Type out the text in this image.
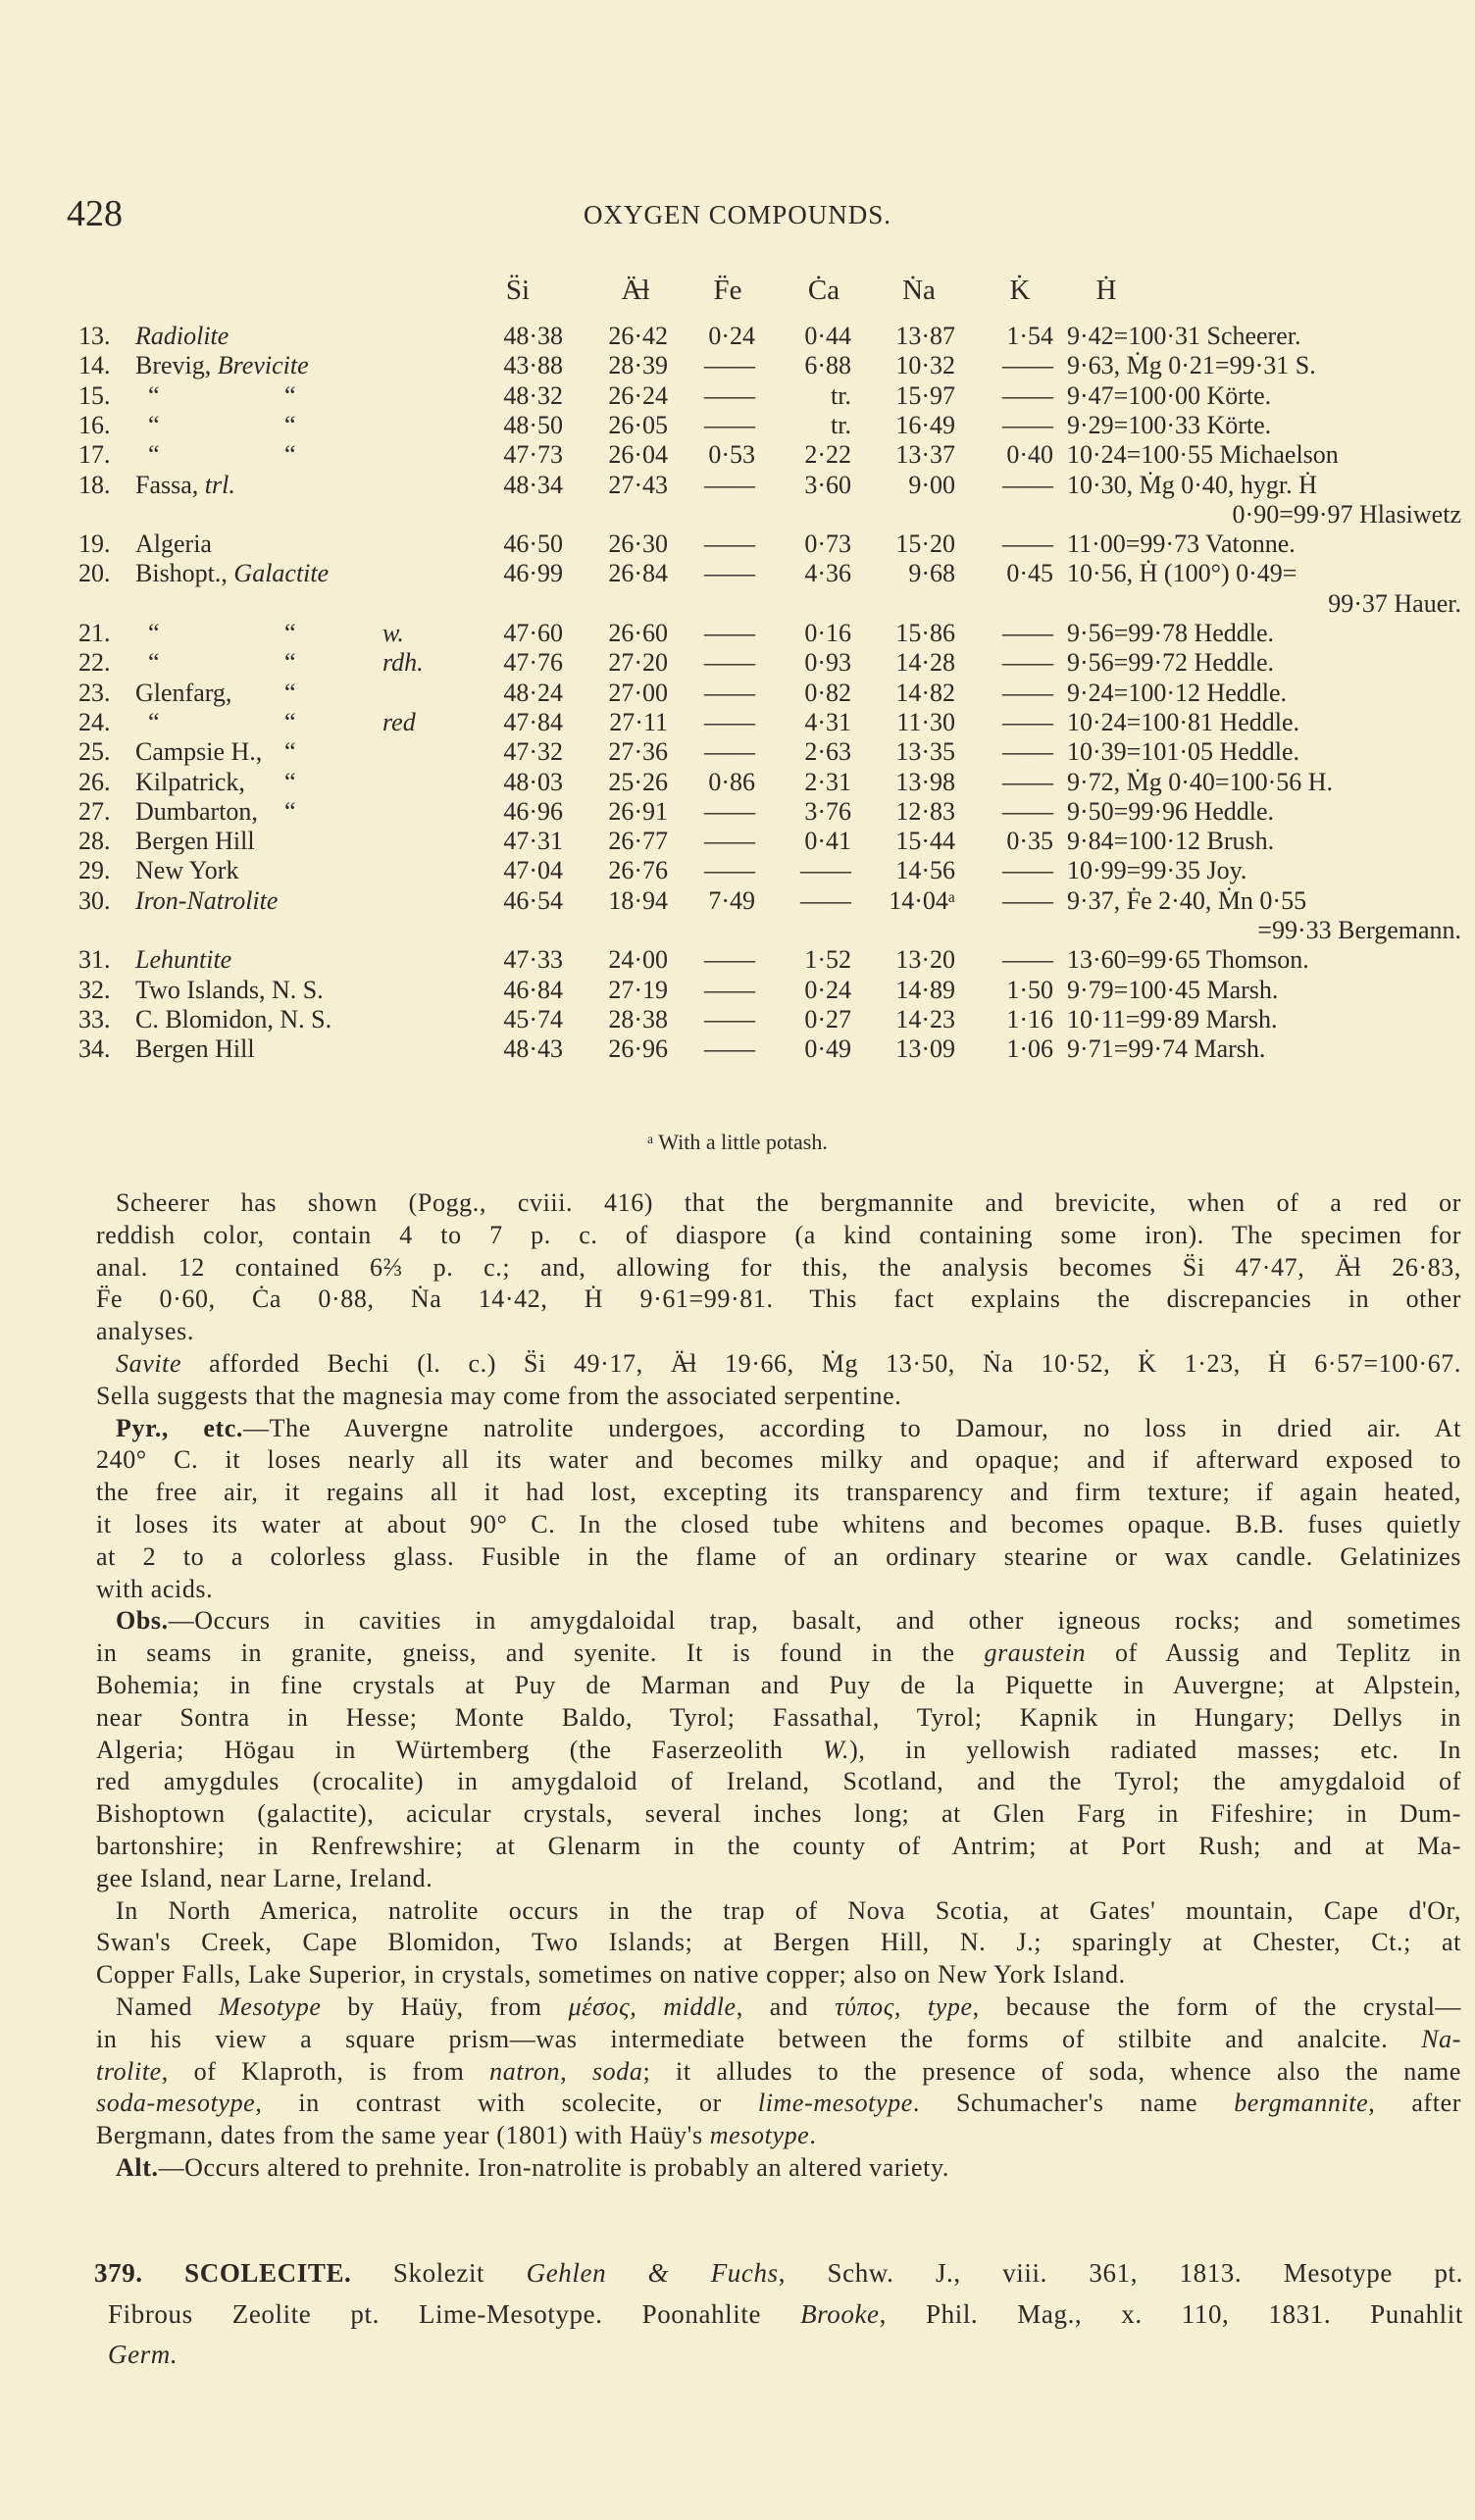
428	OXYGEN COMPOUNDS.
S̈i	Ä̶l F̈e Ċa Ṅa	K̇ Ḣ
13. Radiolite	48·38 26·42 0·24 0·44 13·87 1·54 9·42=100·31 Scheerer.
14. Brevig, Brevicite	43·88 28·39 —— 6·88 10·32 —— 9·63, Ṁg 0·21=99·31 S.
15. “	“	48·32 26·24 ——	tr. 15·97 —— 9·47=100·00 Körte.
16. “	“	48·50 26·05 ——	tr. 16·49 —— 9·29=100·33 Körte.
17. “	“	47·73 26·04 0·53 2·22 13·37 0·40 10·24=100·55 Michaelson
18. Fassa, trl.	48·34 27·43 —— 3·60 9·00 —— 10·30, Ṁg 0·40, hygr. Ḣ
0·90=99·97 Hlasiwetz
19. Algeria	46·50 26·30 —— 0·73 15·20 —— 11·00=99·73 Vatonne.
20. Bishopt., Galactite	46·99 26·84 —— 4·36 9·68 0·45 10·56, Ḣ (100°) 0·49=
99·37 Hauer.
21. “	“	w.	47·60 26·60 —— 0·16 15·86 —— 9·56=99·78 Heddle.
22. “	“	rdh.	47·76 27·20 —— 0·93 14·28 —— 9·56=99·72 Heddle.
23. Glenfarg, “	48·24 27·00 —— 0·82 14·82 —— 9·24=100·12 Heddle.
24. “	“	red	47·84 27·11 —— 4·31 11·30 —— 10·24=100·81 Heddle.
25. Campsie H., “	47·32 27·36 —— 2·63 13·35 —— 10·39=101·05 Heddle.
26. Kilpatrick, “	48·03 25·26 0·86 2·31 13·98 —— 9·72, Ṁg 0·40=100·56 H.
27. Dumbarton, “	46·96 26·91 —— 3·76 12·83 —— 9·50=99·96 Heddle.
28. Bergen Hill	47·31 26·77 —— 0·41 15·44 0·35 9·84=100·12 Brush.
29. New York	47·04 26·76 —— —— 14·56 —— 10·99=99·35 Joy.
30. Iron-Natrolite	46·54 18·94 7·49 —— 14·04ᵃ —— 9·37, Ḟe 2·40, Ṁn 0·55
=99·33 Bergemann.
31. Lehuntite	47·33 24·00 —— 1·52 13·20 —— 13·60=99·65 Thomson.
32. Two Islands, N. S.	46·84 27·19 —— 0·24 14·89 1·50 9·79=100·45 Marsh.
33. C. Blomidon, N. S.	45·74 28·38 —— 0·27 14·23 1·16 10·11=99·89 Marsh.
34. Bergen Hill	48·43 26·96 —— 0·49 13·09 1·06 9·71=99·74 Marsh.
ᵃ With a little potash.
Scheerer has shown (Pogg., cviii. 416) that the bergmannite and brevicite, when of a red or
reddish color, contain 4 to 7 p. c. of diaspore (a kind containing some iron). The specimen for
anal. 12 contained 6⅔ p. c.; and, allowing for this, the analysis becomes S̈i 47·47, Ä̶l 26·83,
F̈e 0·60, Ċa 0·88, Ṅa 14·42, Ḣ 9·61=99·81. This fact explains the discrepancies in other
analyses.
Savite afforded Bechi (l. c.) S̈i 49·17, Ä̶l 19·66, Ṁg 13·50, Ṅa 10·52, K̇ 1·23, Ḣ 6·57=100·67.
Sella suggests that the magnesia may come from the associated serpentine.
Pyr., etc.—The Auvergne natrolite undergoes, according to Damour, no loss in dried air. At
240° C. it loses nearly all its water and becomes milky and opaque; and if afterward exposed to
the free air, it regains all it had lost, excepting its transparency and firm texture; if again heated,
it loses its water at about 90° C. In the closed tube whitens and becomes opaque. B.B. fuses quietly
at 2 to a colorless glass. Fusible in the flame of an ordinary stearine or wax candle. Gelatinizes
with acids.
Obs.—Occurs in cavities in amygdaloidal trap, basalt, and other igneous rocks; and sometimes
in seams in granite, gneiss, and syenite. It is found in the graustein of Aussig and Teplitz in
Bohemia; in fine crystals at Puy de Marman and Puy de la Piquette in Auvergne; at Alpstein,
near Sontra in Hesse; Monte Baldo, Tyrol; Fassathal, Tyrol; Kapnik in Hungary; Dellys in
Algeria; Högau in Würtemberg (the Faserzeolith W.), in yellowish radiated masses; etc. In
red amygdules (crocalite) in amygdaloid of Ireland, Scotland, and the Tyrol; the amygdaloid of
Bishoptown (galactite), acicular crystals, several inches long; at Glen Farg in Fifeshire; in Dum-
bartonshire; in Renfrewshire; at Glenarm in the county of Antrim; at Port Rush; and at Ma-
gee Island, near Larne, Ireland.
In North America, natrolite occurs in the trap of Nova Scotia, at Gates' mountain, Cape d'Or,
Swan's Creek, Cape Blomidon, Two Islands; at Bergen Hill, N. J.; sparingly at Chester, Ct.; at
Copper Falls, Lake Superior, in crystals, sometimes on native copper; also on New York Island.
Named Mesotype by Haüy, from μέσος, middle, and τύπος, type, because the form of the crystal—
in his view a square prism—was intermediate between the forms of stilbite and analcite. Na-
trolite, of Klaproth, is from natron, soda; it alludes to the presence of soda, whence also the name
soda-mesotype, in contrast with scolecite, or lime-mesotype. Schumacher's name bergmannite, after
Bergmann, dates from the same year (1801) with Haüy's mesotype.
Alt.—Occurs altered to prehnite. Iron-natrolite is probably an altered variety.
379. SCOLECITE. Skolezit Gehlen & Fuchs, Schw. J., viii. 361, 1813. Mesotype pt.
Fibrous Zeolite pt. Lime-Mesotype. Poonahlite Brooke, Phil. Mag., x. 110, 1831. Punahlit
Germ.
